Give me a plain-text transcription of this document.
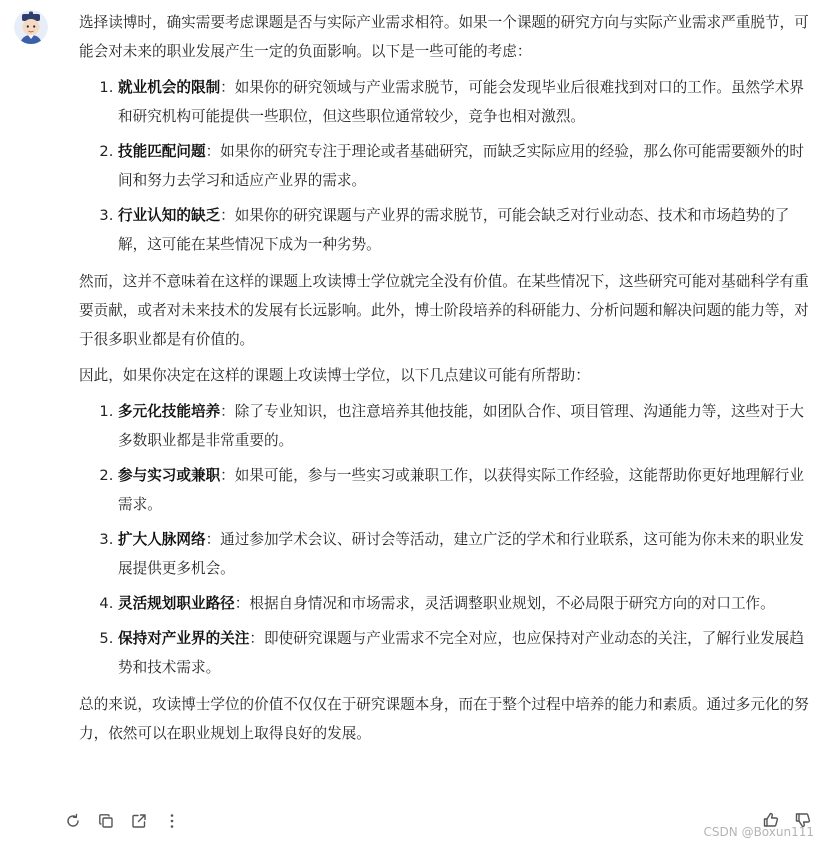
选择读博时，确实需要考虑课题是否与实际产业需求相符。如果一个课题的研究方向与实际产业需求严重脱节，可能会对未来的职业发展产生一定的负面影响。以下是一些可能的考虑：

1. 就业机会的限制：如果你的研究领域与产业需求脱节，可能会发现毕业后很难找到对口的工作。虽然学术界和研究机构可能提供一些职位，但这些职位通常较少，竞争也相对激烈。
2. 技能匹配问题：如果你的研究专注于理论或者基础研究，而缺乏实际应用的经验，那么你可能需要额外的时间和努力去学习和适应产业界的需求。
3. 行业认知的缺乏：如果你的研究课题与产业界的需求脱节，可能会缺乏对行业动态、技术和市场趋势的了解，这可能在某些情况下成为一种劣势。

然而，这并不意味着在这样的课题上攻读博士学位就完全没有价值。在某些情况下，这些研究可能对基础科学有重要贡献，或者对未来技术的发展有长远影响。此外，博士阶段培养的科研能力、分析问题和解决问题的能力等，对于很多职业都是有价值的。

因此，如果你决定在这样的课题上攻读博士学位，以下几点建议可能有所帮助：

1. 多元化技能培养：除了专业知识，也注意培养其他技能，如团队合作、项目管理、沟通能力等，这些对于大多数职业都是非常重要的。
2. 参与实习或兼职：如果可能，参与一些实习或兼职工作，以获得实际工作经验，这能帮助你更好地理解行业需求。
3. 扩大人脉网络：通过参加学术会议、研讨会等活动，建立广泛的学术和行业联系，这可能为你未来的职业发展提供更多机会。
4. 灵活规划职业路径：根据自身情况和市场需求，灵活调整职业规划，不必局限于研究方向的对口工作。
5. 保持对产业界的关注：即使研究课题与产业需求不完全对应，也应保持对产业动态的关注，了解行业发展趋势和技术需求。

总的来说，攻读博士学位的价值不仅仅在于研究课题本身，而在于整个过程中培养的能力和素质。通过多元化的努力，依然可以在职业规划上取得良好的发展。

CSDN @Boxun111
